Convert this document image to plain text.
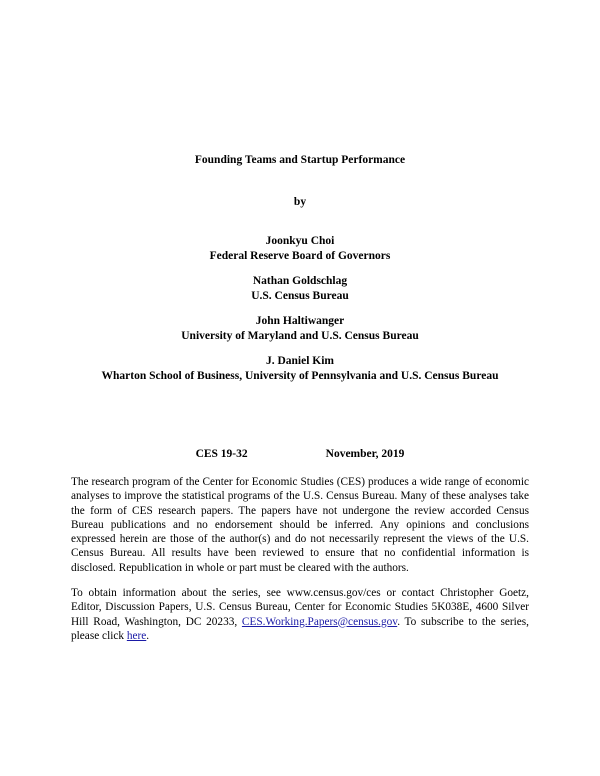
Founding Teams and Startup Performance
by
Joonkyu Choi
Federal Reserve Board of Governors
Nathan Goldschlag
U.S. Census Bureau
John Haltiwanger
University of Maryland and U.S. Census Bureau
J. Daniel Kim
Wharton School of Business, University of Pennsylvania and U.S. Census Bureau
CES 19-32	November, 2019
The research program of the Center for Economic Studies (CES) produces a wide range of economic analyses to improve the statistical programs of the U.S. Census Bureau. Many of these analyses take the form of CES research papers. The papers have not undergone the review accorded Census Bureau publications and no endorsement should be inferred. Any opinions and conclusions expressed herein are those of the author(s) and do not necessarily represent the views of the U.S. Census Bureau. All results have been reviewed to ensure that no confidential information is disclosed. Republication in whole or part must be cleared with the authors.
To obtain information about the series, see www.census.gov/ces or contact Christopher Goetz, Editor, Discussion Papers, U.S. Census Bureau, Center for Economic Studies 5K038E, 4600 Silver Hill Road, Washington, DC 20233, CES.Working.Papers@census.gov. To subscribe to the series, please click here.
